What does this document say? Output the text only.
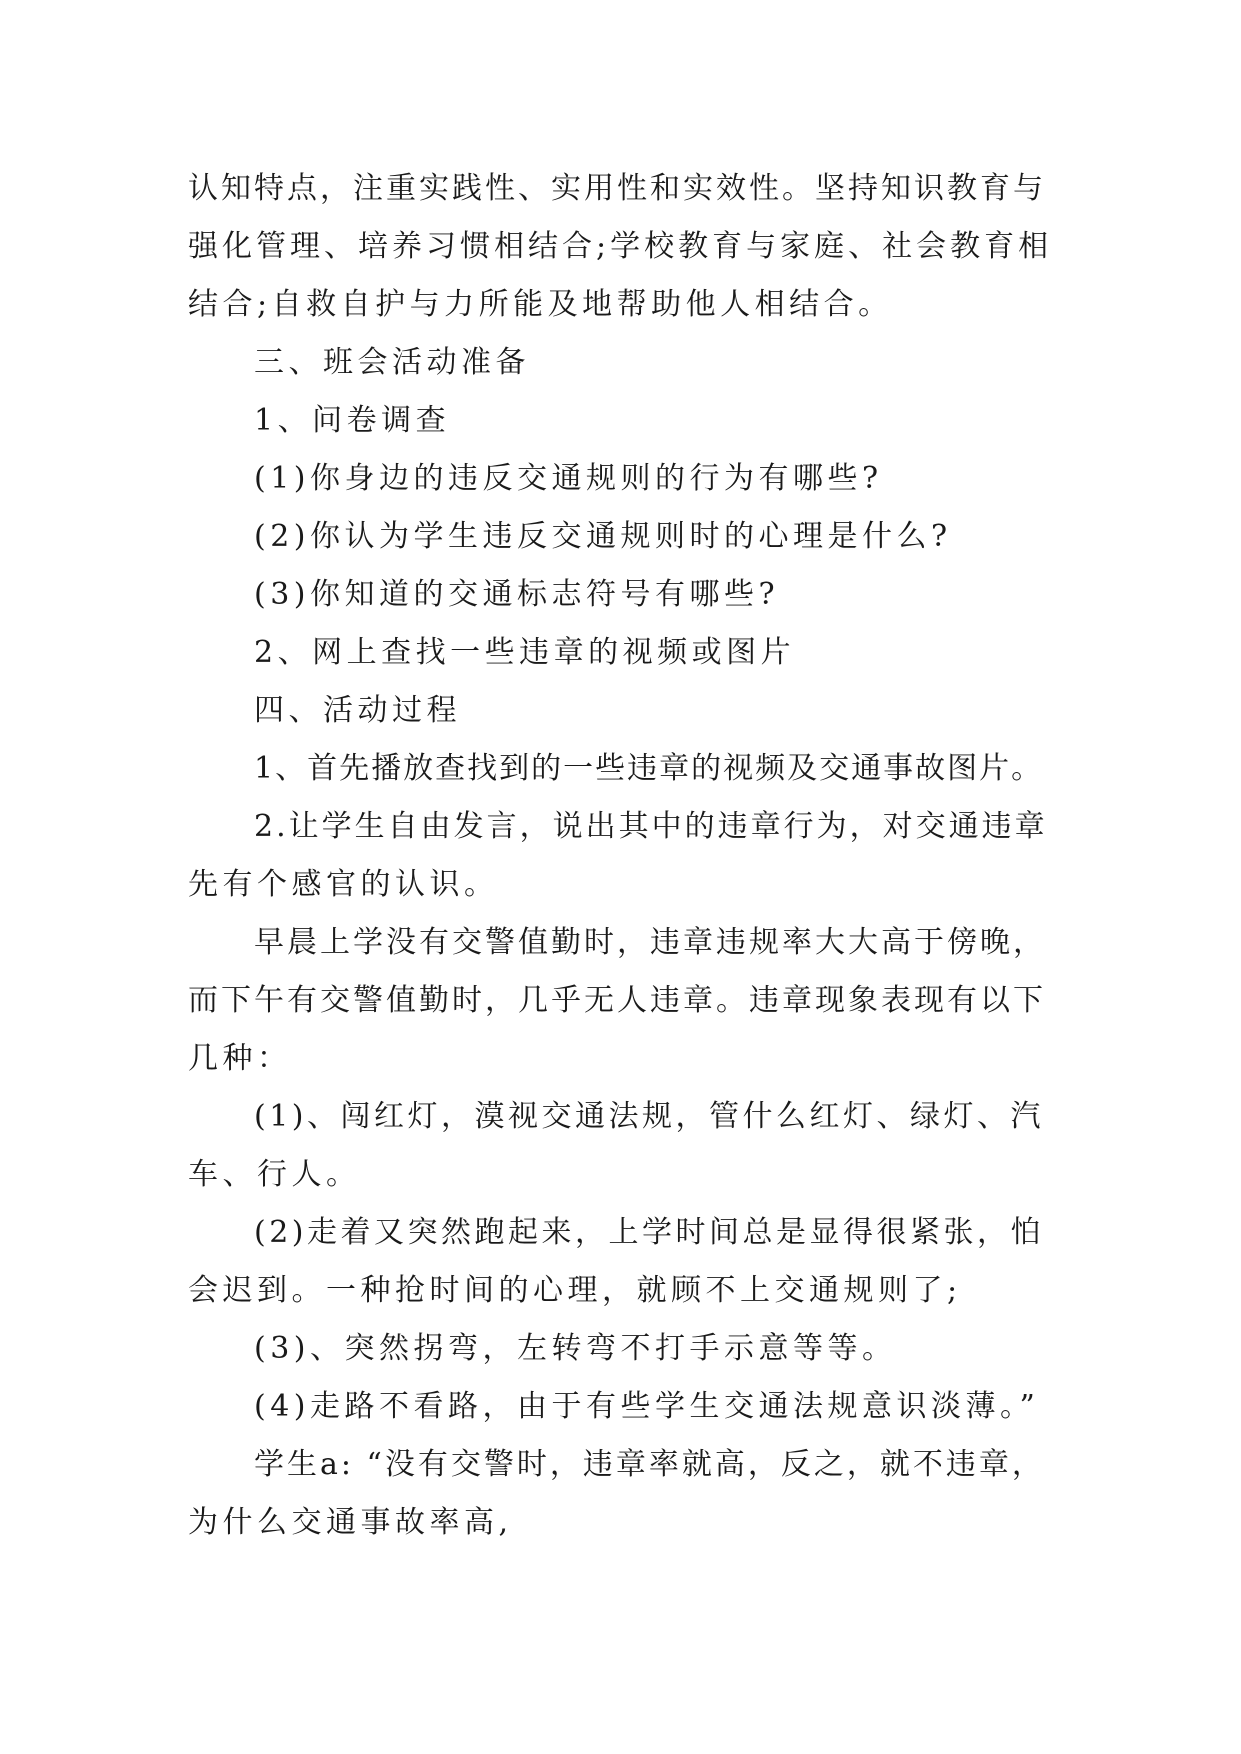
认知特点，注重实践性、实用性和实效性。坚持知识教育与

强化管理、培养习惯相结合;学校教育与家庭、社会教育相

结合;自救自护与力所能及地帮助他人相结合。

三、班会活动准备

1、问卷调查

(1)你身边的违反交通规则的行为有哪些?

(2)你认为学生违反交通规则时的心理是什么?

(3)你知道的交通标志符号有哪些?

2、网上查找一些违章的视频或图片

四、活动过程

1、首先播放查找到的一些违章的视频及交通事故图片。

2.让学生自由发言，说出其中的违章行为，对交通违章

先有个感官的认识。

早晨上学没有交警值勤时，违章违规率大大高于傍晚，

而下午有交警值勤时，几乎无人违章。违章现象表现有以下

几种：

(1)、闯红灯，漠视交通法规，管什么红灯、绿灯、汽

车、行人。

(2)走着又突然跑起来，上学时间总是显得很紧张，怕

会迟到。一种抢时间的心理，就顾不上交通规则了;

(3)、突然拐弯，左转弯不打手示意等等。

(4)走路不看路，由于有些学生交通法规意识淡薄。”

学生a: “没有交警时，违章率就高，反之，就不违章，

为什么交通事故率高,
